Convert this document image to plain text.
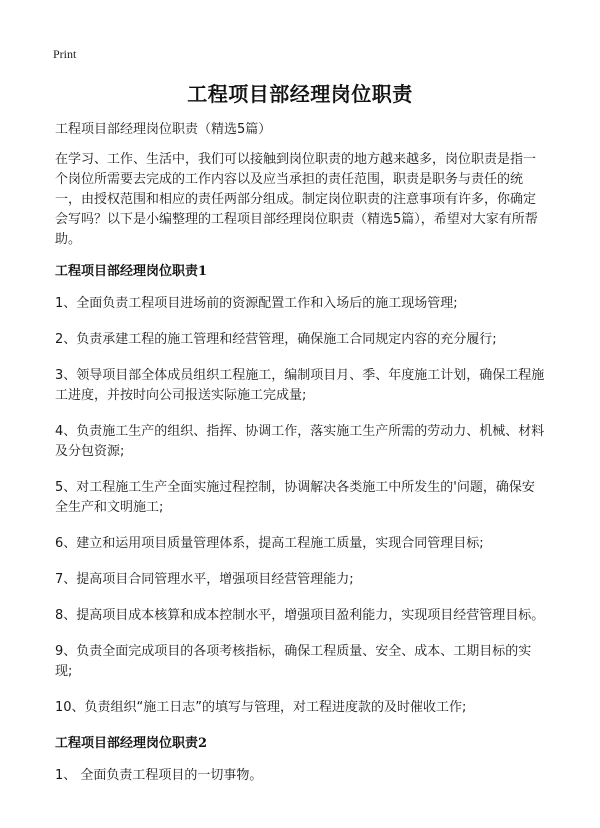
Print
工程项目部经理岗位职责
工程项目部经理岗位职责（精选5篇）
在学习、工作、生活中，我们可以接触到岗位职责的地方越来越多，岗位职责是指一个岗位所需要去完成的工作内容以及应当承担的责任范围，职责是职务与责任的统一，由授权范围和相应的责任两部分组成。制定岗位职责的注意事项有许多，你确定会写吗？以下是小编整理的工程项目部经理岗位职责（精选5篇），希望对大家有所帮助。
工程项目部经理岗位职责1
1、全面负责工程项目进场前的资源配置工作和入场后的施工现场管理;
2、负责承建工程的施工管理和经营管理，确保施工合同规定内容的充分履行;
3、领导项目部全体成员组织工程施工，编制项目月、季、年度施工计划，确保工程施工进度，并按时向公司报送实际施工完成量;
4、负责施工生产的组织、指挥、协调工作，落实施工生产所需的劳动力、机械、材料及分包资源;
5、对工程施工生产全面实施过程控制，协调解决各类施工中所发生的'问题，确保安全生产和文明施工;
6、建立和运用项目质量管理体系，提高工程施工质量，实现合同管理目标;
7、提高项目合同管理水平，增强项目经营管理能力;
8、提高项目成本核算和成本控制水平，增强项目盈利能力，实现项目经营管理目标。
9、负责全面完成项目的各项考核指标，确保工程质量、安全、成本、工期目标的实现;
10、负责组织“施工日志”的填写与管理，对工程进度款的及时催收工作;
工程项目部经理岗位职责2
1、 全面负责工程项目的一切事物。
